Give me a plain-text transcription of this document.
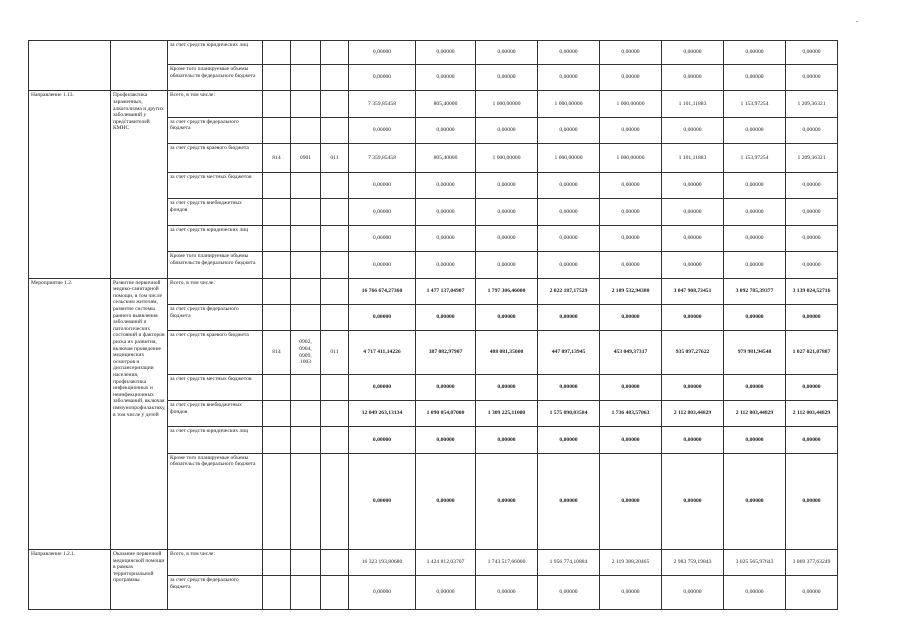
-
		за счет средств юридических лиц				0,00000	0,00000	0,00000	0,00000	0,00000	0,00000	0,00000	0,00000
		Кроме того планируемые объемы обязательств федерального бюджета				0,00000	0,00000	0,00000	0,00000	0,00000	0,00000	0,00000	0,00000
Направление 1.13.	Профилактика зараженных, алкоголизма и других заболеваний у представителей КМНС	Всего, в том числе:				7 359,85458	805,40000	1 000,00000	1 000,00000	1 000,00000	1 101,11883	1 153,97254	1 209,36321
		за счет средств федерального бюджета				0,00000	0,00000	0,00000	0,00000	0,00000	0,00000	0,00000	0,00000
		за счет средств краевого бюджета	814	0901	011	7 359,85458	805,40000	1 000,00000	1 000,00000	1 000,00000	1 101,11883	1 153,97254	1 209,36321
		за счет средств местных бюджетов				0,00000	0,00000	0,00000	0,00000	0,00000	0,00000	0,00000	0,00000
		за счет средств внебюджетных фондов				0,00000	0,00000	0,00000	0,00000	0,00000	0,00000	0,00000	0,00000
		за счет средств юридических лиц				0,00000	0,00000	0,00000	0,00000	0,00000	0,00000	0,00000	0,00000
		Кроме того планируемые объемы обязательств федерального бюджета				0,00000	0,00000	0,00000	0,00000	0,00000	0,00000	0,00000	0,00000
Мероприятие 1.2.	Развитие первичной медико-санитарной помощи, в том числе сельским жителям, развитие системы раннего выявления заболеваний и патологических состояний и факторов риска их развития, включая проведение медицинских осмотров и диспансеризации населения, профилактика инфекционных и неинфекционных заболеваний, включая иммунопрофилактику, в том числе у детей	Всего, в том числе:				16 766 674,27360	1 477 137,04907	1 797 306,46000	2 022 187,17529	2 189 532,94380	3 047 908,73451	3 092 785,39377	3 139 024,52716
		за счет средств федерального бюджета				0,00000	0,00000	0,00000	0,00000	0,00000	0,00000	0,00000	0,00000
		за счет средств краевого бюджета	814	0902, 0904, 0909, 1003	011	4 717 411,14226	387 082,97907	488 081,35000	447 097,13945	453 049,37317	935 097,27622	979 981,94548	1 027 021,07887
		за счет средств местных бюджетов				0,00000	0,00000	0,00000	0,00000	0,00000	0,00000	0,00000	0,00000
		за счет средств внебюджетных фондов				12 049 263,13134	1 090 054,07000	1 309 225,11000	1 575 090,03584	1 736 483,57063	2 112 803,44829	2 112 803,44829	2 112 003,44829
		за счет средств юридических лиц				0,00000	0,00000	0,00000	0,00000	0,00000	0,00000	0,00000	0,00000
		Кроме того планируемые объемы обязательств федерального бюджета				0,00000	0,00000	0,00000	0,00000	0,00000	0,00000	0,00000	0,00000
Направление 1.2.1.	Оказание первичной медицинской помощи в рамках территориальной программы	Всего, в том числе:				16 323 193,80680	1 424 812,03707	1 743 517,66000	1 956 774,10884	2 119 388,20465	2 983 759,19843	3 025 565,97643	3 069 377,63249
		за счет средств федерального бюджета				0,00000	0,00000	0,00000	0,00000	0,00000	0,00000	0,00000	0,00000
